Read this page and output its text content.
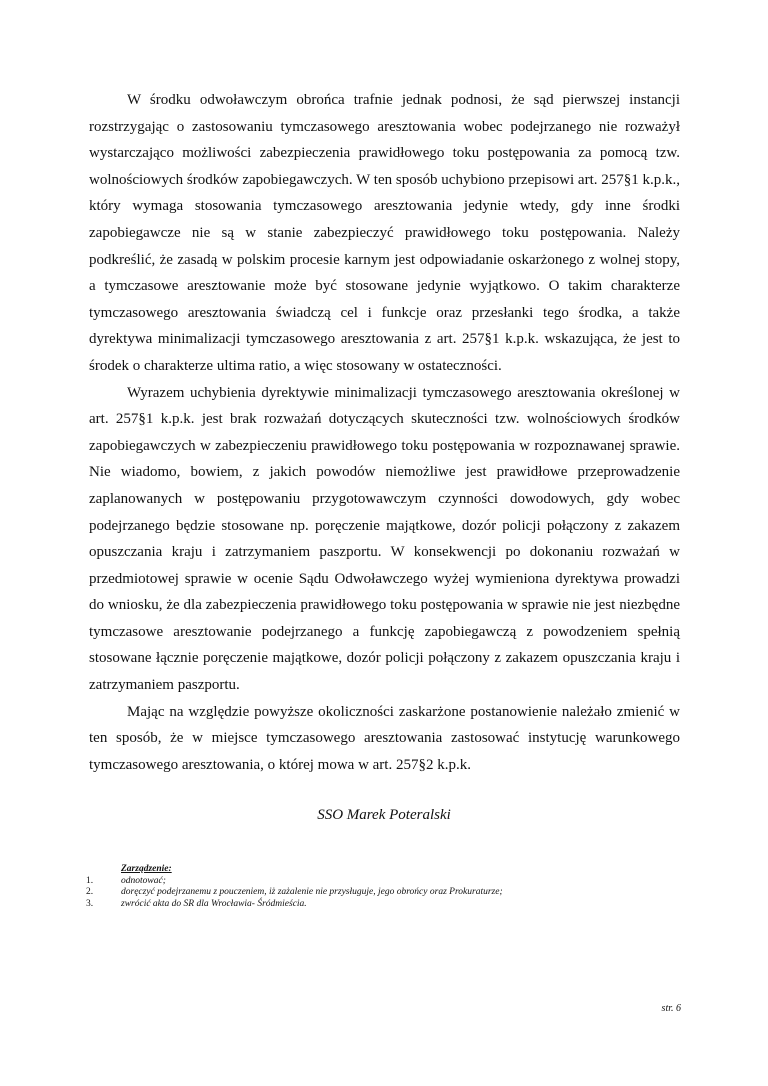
W środku odwoławczym obrońca trafnie jednak podnosi, że sąd pierwszej instancji rozstrzygając o zastosowaniu tymczasowego aresztowania wobec podejrzanego nie rozważył wystarczająco możliwości zabezpieczenia prawidłowego toku postępowania za pomocą tzw. wolnościowych środków zapobiegawczych. W ten sposób uchybiono przepisowi art. 257§1 k.p.k., który wymaga stosowania tymczasowego aresztowania jedynie wtedy, gdy inne środki zapobiegawcze nie są w stanie zabezpieczyć prawidłowego toku postępowania. Należy podkreślić, że zasadą w polskim procesie karnym jest odpowiadanie oskarżonego z wolnej stopy, a tymczasowe aresztowanie może być stosowane jedynie wyjątkowo. O takim charakterze tymczasowego aresztowania świadczą cel i funkcje oraz przesłanki tego środka, a także dyrektywa minimalizacji tymczasowego aresztowania z art. 257§1 k.p.k. wskazująca, że jest to środek o charakterze ultima ratio, a więc stosowany w ostateczności.

Wyrazem uchybienia dyrektywie minimalizacji tymczasowego aresztowania określonej w art. 257§1 k.p.k. jest brak rozważań dotyczących skuteczności tzw. wolnościowych środków zapobiegawczych w zabezpieczeniu prawidłowego toku postępowania w rozpoznawanej sprawie. Nie wiadomo, bowiem, z jakich powodów niemożliwe jest prawidłowe przeprowadzenie zaplanowanych w postępowaniu przygotowawczym czynności dowodowych, gdy wobec podejrzanego będzie stosowane np. poręczenie majątkowe, dozór policji połączony z zakazem opuszczania kraju i zatrzymaniem paszportu. W konsekwencji po dokonaniu rozważań w przedmiotowej sprawie w ocenie Sądu Odwoławczego wyżej wymieniona dyrektywa prowadzi do wniosku, że dla zabezpieczenia prawidłowego toku postępowania w sprawie nie jest niezbędne tymczasowe aresztowanie podejrzanego a funkcję zapobiegawczą z powodzeniem spełnią stosowane łącznie poręczenie majątkowe, dozór policji połączony z zakazem opuszczania kraju i zatrzymaniem paszportu.

Mając na względzie powyższe okoliczności zaskarżone postanowienie należało zmienić w ten sposób, że w miejsce tymczasowego aresztowania zastosować instytucję warunkowego tymczasowego aresztowania, o której mowa w art. 257§2 k.p.k.

SSO Marek Poteralski
Zarządzenie:
1.	odnotować;
2.	doręczyć podejrzanemu z pouczeniem, iż zażalenie nie przysługuje, jego obrońcy oraz Prokuraturze;
3.	zwrócić akta do SR dla Wrocławia- Śródmieścia.
str. 6
